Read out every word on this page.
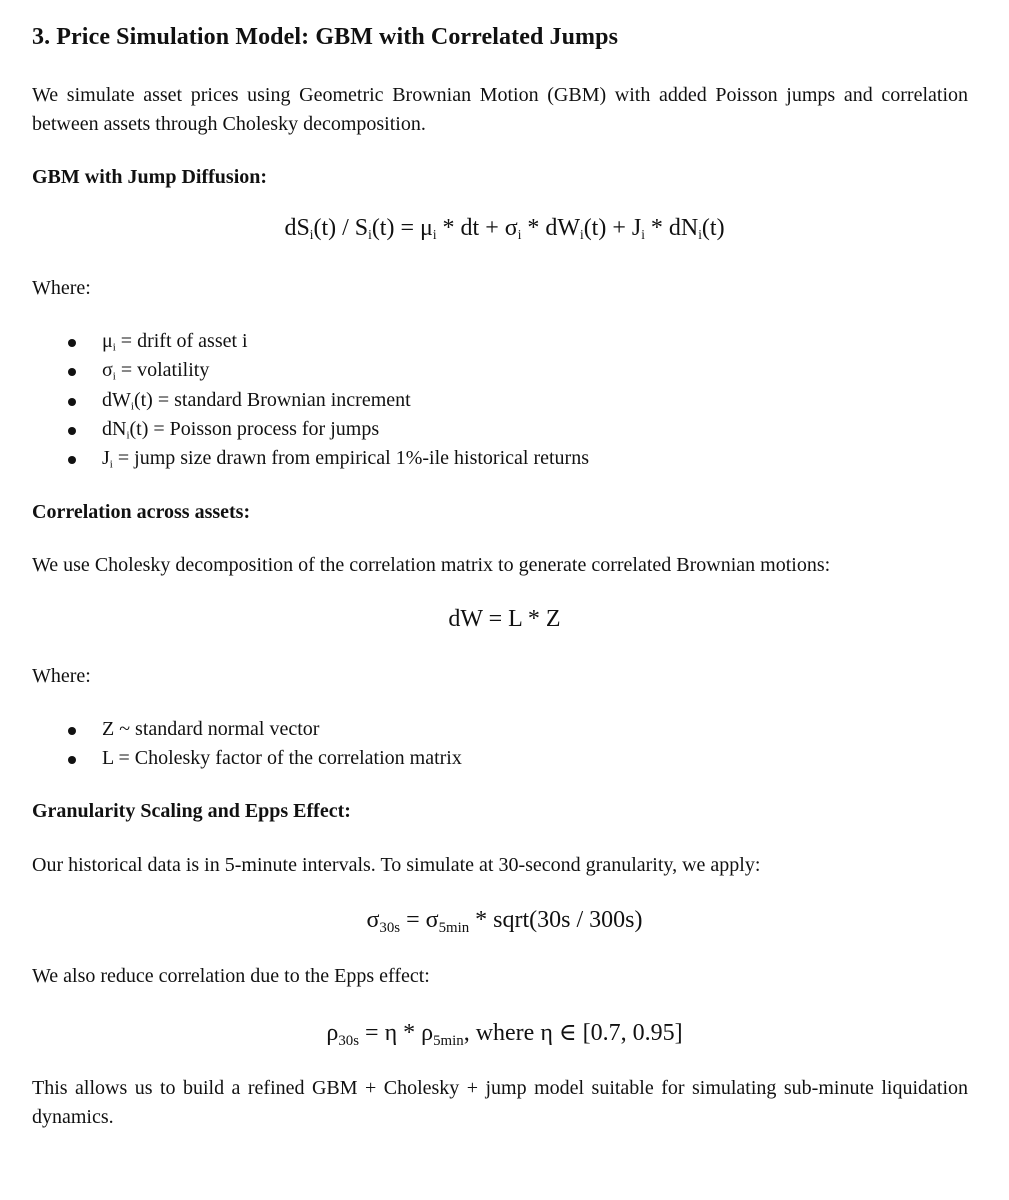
3. Price Simulation Model: GBM with Correlated Jumps

We simulate asset prices using Geometric Brownian Motion (GBM) with added Poisson jumps and correlation between assets through Cholesky decomposition.

GBM with Jump Diffusion:

$dS_i(t) / S_i(t) = \mu_i$ * dt + $\sigma_i * dW_i(t) + J_i * dN_i(t)$

Where:
$\mu_i$ = drift of asset i
$\sigma_i$ = volatility
$dW_i(t)$ = standard Brownian increment
$dN_i(t)$ = Poisson process for jumps
$J_i$ = jump size drawn from empirical 1%-ile historical returns
Correlation across assets:

We use Cholesky decomposition of the correlation matrix to generate correlated Brownian motions:

dW = L * Z

Where:
Z ~ standard normal vector
L = Cholesky factor of the correlation matrix
Granularity Scaling and Epps Effect:

Our historical data is in 5-minute intervals. To simulate at 30-second granularity, we apply:

$\sigma_{30s} = \sigma_{5min}$ * sqrt(30s / 300s)

We also reduce correlation due to the Epps effect:

$\rho_{30s} = \eta * \rho_{5min}$, where η ∈ [0.7, 0.95]

This allows us to build a refined GBM + Cholesky + jump model suitable for simulating sub-minute liquidation dynamics.
